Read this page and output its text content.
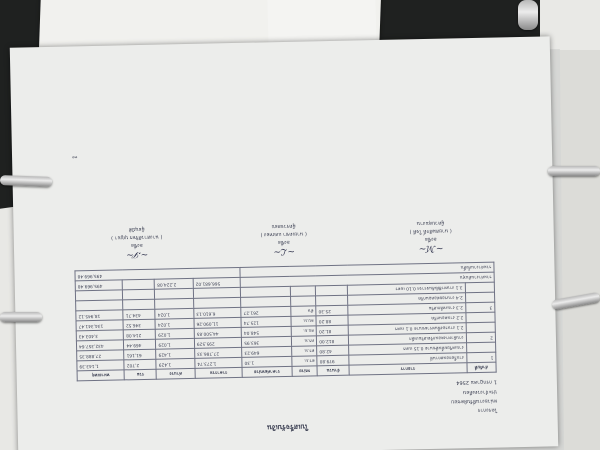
ใบเสร็จรับเงิน
โครงการ
หน่วยงานที่รับผิดชอบ
ประจำงวดเดือน
1 กรกฎาคม 2564
ลำดับที่	รายการ	จำนวน	หน่วย	ราคาต่อหน่วย	ราคารวม	ค่าแรง	รวม	หมายเหตุ
1	งานรื้อถอนสถานที่	979.80	ตร.ม.	1.30	1,273.74	1,429	2,702	1,143.39
	งานเตรียมพื้นที่ขนาด 0.15 เมตร	42.80	ตร.ม.	649.23	27,786.33	1,429	61,161	27,888.35
2	งานผิวทางคอนกรีตเสริมเหล็ก	812.00	ตร.ม.	363.95	295,529	1,029	469.44	432,357.64
	2.1 งานรองพื้นทรายขนาด 0.1 เมตร	81.20	ลบ.ม.	548.04	44,500.85	1,029	214.08	3,403.43
	2.2 งานคอนกรีต	88.20	ลบ.ม.	125.74	11,090.26	1,024	346.52	134,341.47
3	2.3 งานเหล็กเสริม	25.30	ตัน	261.27	6,610.13	1,024	434.71	18,945.12
	2.4 งานรอยต่อคอนกรีต							
	3.1 งานทาสีตีเส้นจราจร 0.10 เมตร							
รวมค่างานต้นทุน					566,681.02	2,224.08		495,969.48
รวมค่างานทั้งสิ้น					495,969.48			
~ℳ~
ลงชื่อ
( นายสมศักดิ์ ใจดี )
ผู้ควบคุมงาน
~ℒ~
ลงชื่อ
( นายเดชา แสงทอง )
ผู้ตรวจสอบ
~𝒮~
ลงชื่อ
( นางสาวศิริพร บุญมา )
ผู้อนุมัติ
๓๐
